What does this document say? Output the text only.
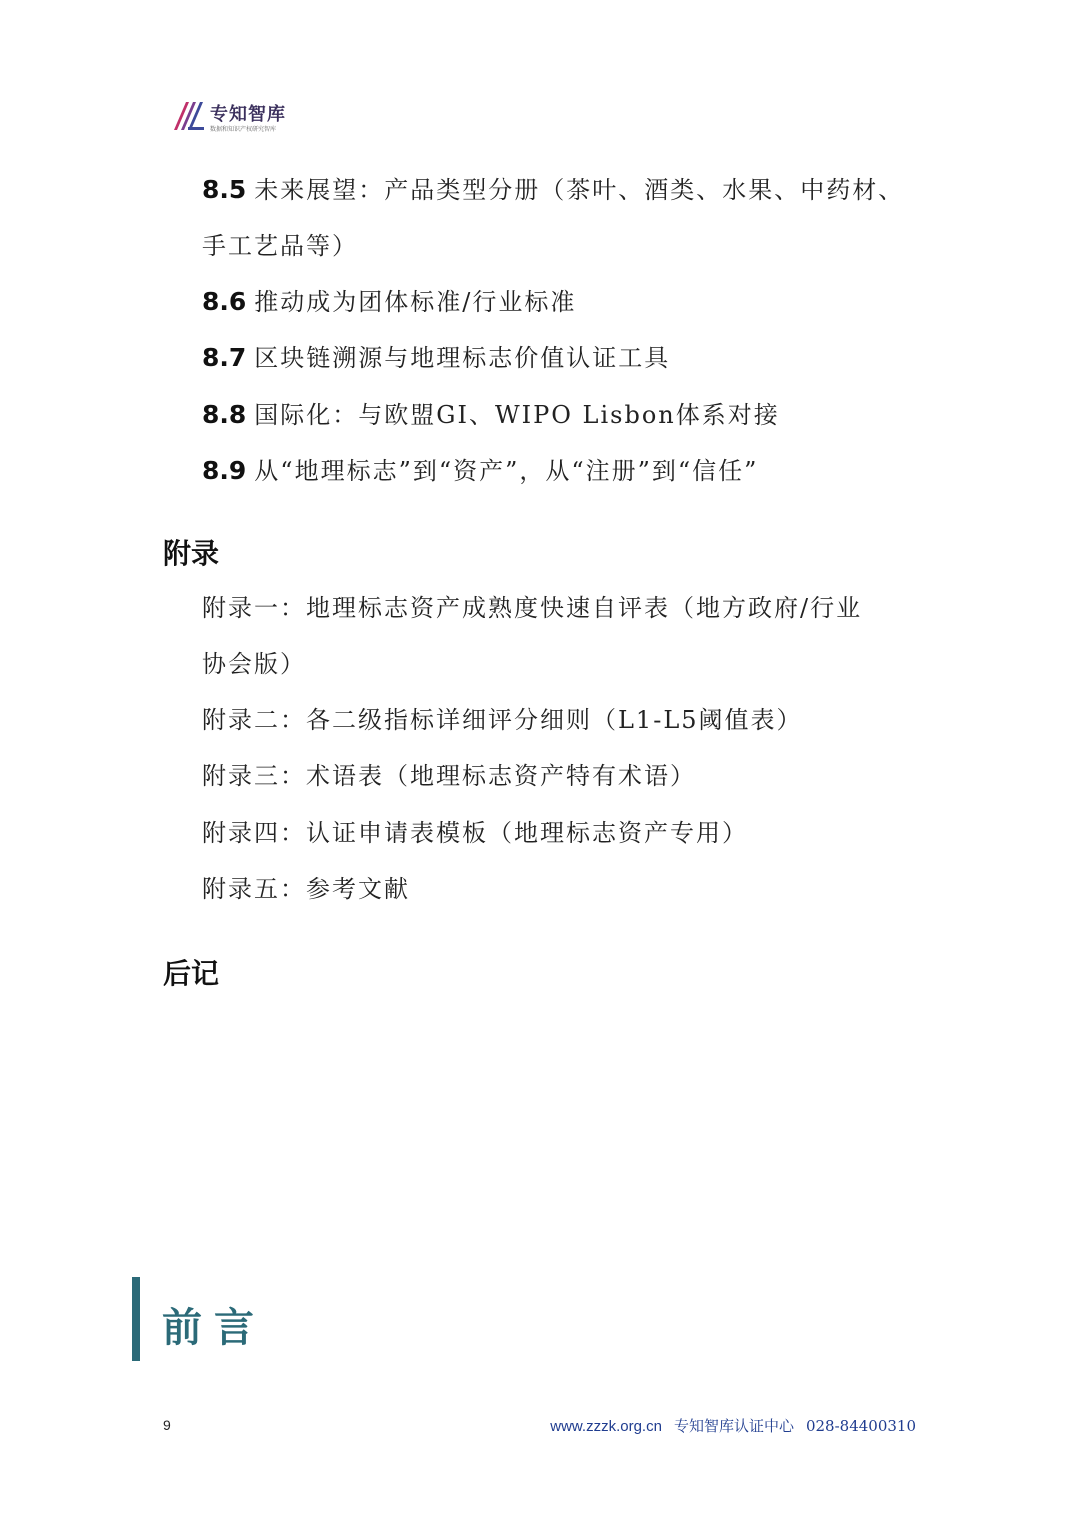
专知智库
数据和知识产权研究智库
8.5 未来展望：产品类型分册（茶叶、酒类、水果、中药材、
手工艺品等）
8.6 推动成为团体标准/行业标准
8.7 区块链溯源与地理标志价值认证工具
8.8 国际化：与欧盟GI、WIPO Lisbon体系对接
8.9 从“地理标志”到“资产”，从“注册”到“信任”
附录
附录一：地理标志资产成熟度快速自评表（地方政府/行业
协会版）
附录二：各二级指标详细评分细则（L1-L5阈值表）
附录三：术语表（地理标志资产特有术语）
附录四：认证申请表模板（地理标志资产专用）
附录五：参考文献
后记
前言
9	www.zzzk.org.cn 专知智库认证中心 028-84400310
